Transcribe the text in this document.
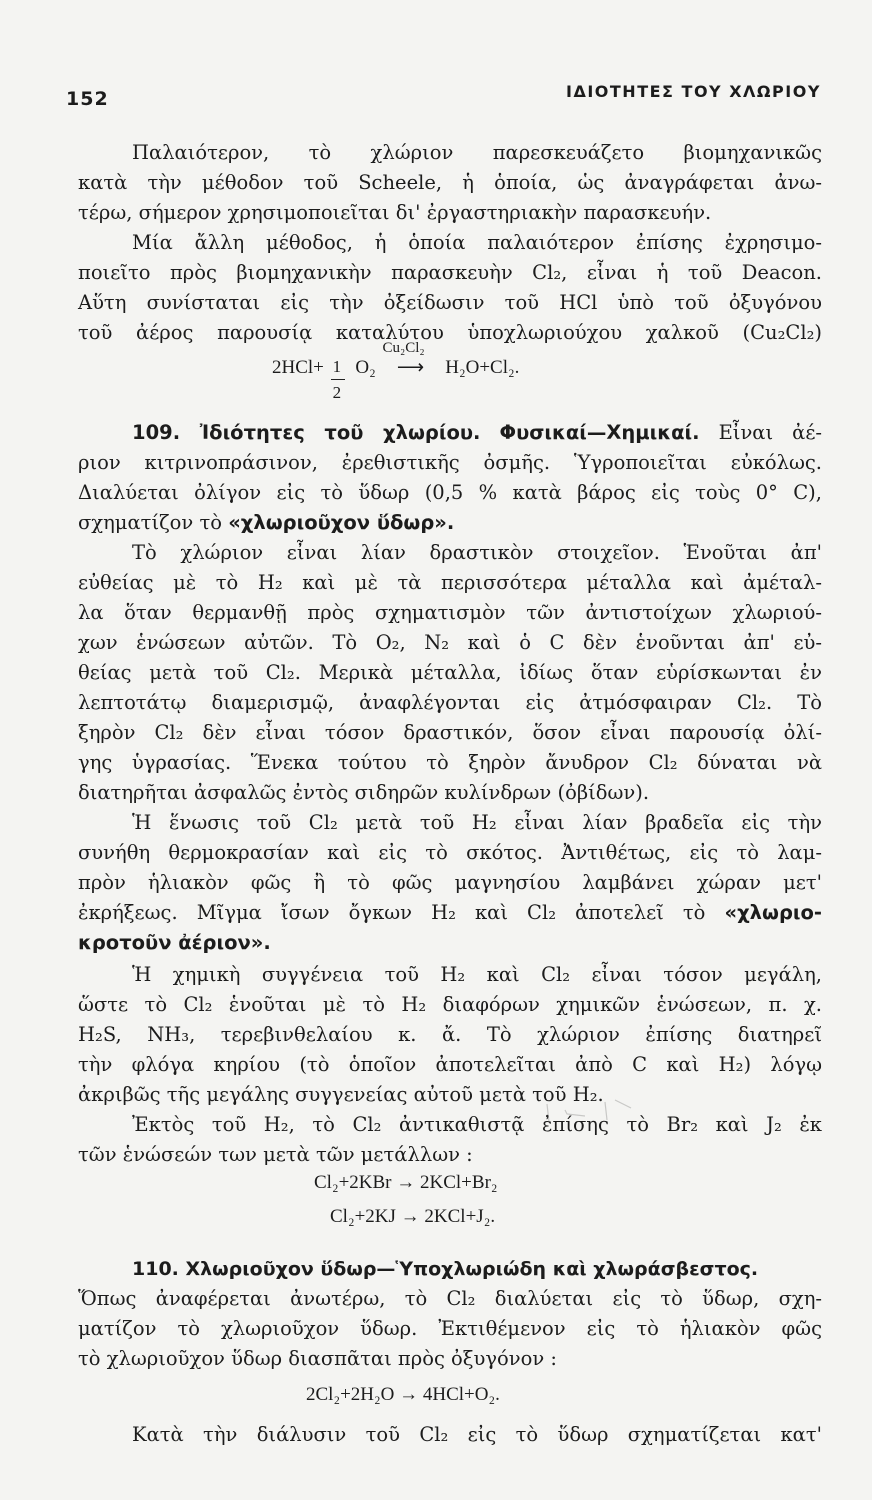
152	ΙΔΙΟΤΗΤΕΣ ΤΟΥ ΧΛΩΡΙΟΥ
Παλαιότερον, τὸ χλώριον παρεσκευάζετο βιομηχανικῶς
κατὰ τὴν μέθοδον τοῦ Scheele, ἡ ὁποία, ὡς ἀναγράφεται ἀνω-
τέρω, σήμερον χρησιμοποιεῖται δι' ἐργαστηριακὴν παρασκευήν.
Μία ἄλλη μέθοδος, ἡ ὁποία παλαιότερον ἐπίσης ἐχρησιμο-
ποιεῖτο πρὸς βιομηχανικὴν παρασκευὴν Cl₂, εἶναι ἡ τοῦ Deacon.
Αὕτη συνίσταται εἰς τὴν ὀξείδωσιν τοῦ HCl ὑπὸ τοῦ ὀξυγόνου
τοῦ ἀέρος παρουσίᾳ καταλύτου ὑποχλωριούχου χαλκοῦ (Cu₂Cl₂)
2HCl+
$\frac{1}{2}$
O₂
Cu₂Cl₂
⟶ H₂O+Cl₂.
109. Ἰδιότητες τοῦ χλωρίου. Φυσικαί—Χημικαί. Εἶναι ἀέ-
ριον κιτρινοπράσινον, ἐρεθιστικῆς ὀσμῆς. Ὑγροποιεῖται εὐκόλως.
Διαλύεται ὀλίγον εἰς τὸ ὕδωρ (0,5 % κατὰ βάρος εἰς τοὺς 0° C),
σχηματίζον τὸ «χλωριοῦχον ὕδωρ».
Τὸ χλώριον εἶναι λίαν δραστικὸν στοιχεῖον. Ἑνοῦται ἀπ'
εὐθείας μὲ τὸ H₂ καὶ μὲ τὰ περισσότερα μέταλλα καὶ ἀμέταλ-
λα ὅταν θερμανθῇ πρὸς σχηματισμὸν τῶν ἀντιστοίχων χλωριού-
χων ἑνώσεων αὐτῶν. Τὸ O₂, N₂ καὶ ὁ C δὲν ἑνοῦνται ἀπ' εὐ-
θείας μετὰ τοῦ Cl₂. Μερικὰ μέταλλα, ἰδίως ὅταν εὑρίσκωνται ἐν
λεπτοτάτῳ διαμερισμῷ, ἀναφλέγονται εἰς ἀτμόσφαιραν Cl₂. Τὸ
ξηρὸν Cl₂ δὲν εἶναι τόσον δραστικόν, ὅσον εἶναι παρουσίᾳ ὀλί-
γης ὑγρασίας. Ἕνεκα τούτου τὸ ξηρὸν ἄνυδρον Cl₂ δύναται νὰ
διατηρῆται ἀσφαλῶς ἐντὸς σιδηρῶν κυλίνδρων (ὀβίδων).
Ἡ ἕνωσις τοῦ Cl₂ μετὰ τοῦ H₂ εἶναι λίαν βραδεῖα εἰς τὴν
συνήθη θερμοκρασίαν καὶ εἰς τὸ σκότος. Ἀντιθέτως, εἰς τὸ λαμ-
πρὸν ἡλιακὸν φῶς ἢ τὸ φῶς μαγνησίου λαμβάνει χώραν μετ'
ἐκρήξεως. Μῖγμα ἴσων ὄγκων H₂ καὶ Cl₂ ἀποτελεῖ τὸ «χλωριο-
κροτοῦν ἀέριον».
Ἡ χημικὴ συγγένεια τοῦ H₂ καὶ Cl₂ εἶναι τόσον μεγάλη,
ὥστε τὸ Cl₂ ἑνοῦται μὲ τὸ H₂ διαφόρων χημικῶν ἑνώσεων, π. χ.
H₂S, NH₃, τερεβινθελαίου κ. ἄ. Τὸ χλώριον ἐπίσης διατηρεῖ
τὴν φλόγα κηρίου (τὸ ὁποῖον ἀποτελεῖται ἀπὸ C καὶ H₂) λόγῳ
ἀκριβῶς τῆς μεγάλης συγγενείας αὐτοῦ μετὰ τοῦ H₂.
Ἐκτὸς τοῦ H₂, τὸ Cl₂ ἀντικαθιστᾷ ἐπίσης τὸ Br₂ καὶ J₂ ἐκ
τῶν ἑνώσεών των μετὰ τῶν μετάλλων :
Cl₂+2KBr → 2KCl+Br₂
Cl₂+2KJ → 2KCl+J₂.
110. Χλωριοῦχον ὕδωρ—Ὑποχλωριώδη καὶ χλωράσβεστος.
Ὅπως ἀναφέρεται ἀνωτέρω, τὸ Cl₂ διαλύεται εἰς τὸ ὕδωρ, σχη-
ματίζον τὸ χλωριοῦχον ὕδωρ. Ἐκτιθέμενον εἰς τὸ ἡλιακὸν φῶς
τὸ χλωριοῦχον ὕδωρ διασπᾶται πρὸς ὀξυγόνον :
2Cl₂+2H₂O → 4HCl+O₂.
Κατὰ τὴν διάλυσιν τοῦ Cl₂ εἰς τὸ ὕδωρ σχηματίζεται κατ'
